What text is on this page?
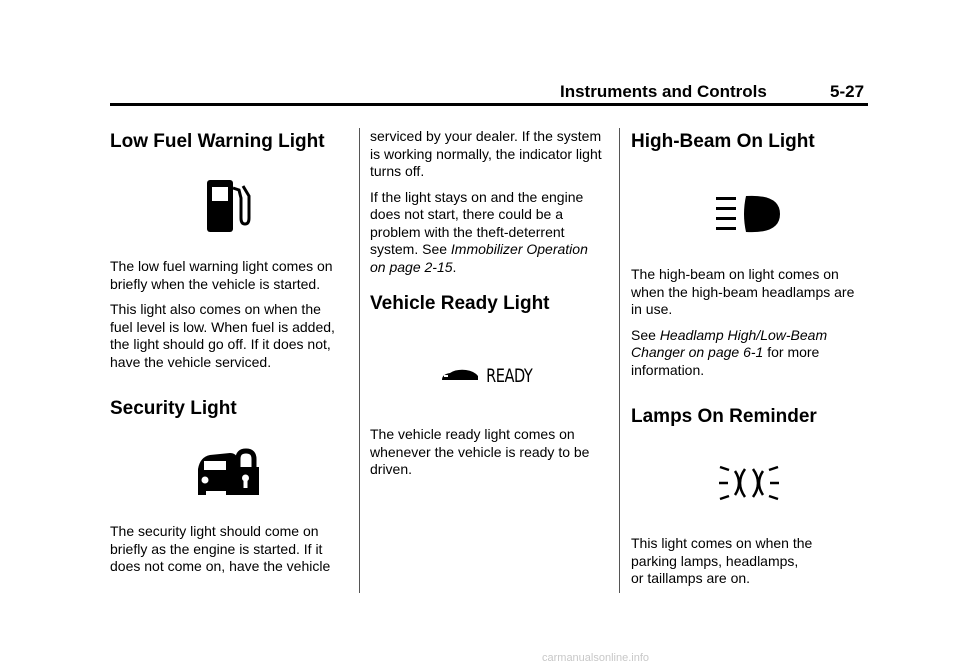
Instruments and Controls	5-27
Low Fuel Warning Light

The low fuel warning light comes on briefly when the vehicle is started.

This light also comes on when the fuel level is low. When fuel is added, the light should go off. If it does not, have the vehicle serviced.

Security Light

The security light should come on briefly as the engine is started. If it does not come on, have the vehicle

serviced by your dealer. If the system is working normally, the indicator light turns off.

If the light stays on and the engine does not start, there could be a problem with the theft-deterrent system. See Immobilizer Operation on page 2-15.

Vehicle Ready Light
READY

The vehicle ready light comes on whenever the vehicle is ready to be driven.

High-Beam On Light

The high-beam on light comes on when the high-beam headlamps are in use.

See Headlamp High/Low-Beam Changer on page 6-1 for more information.

Lamps On Reminder

This light comes on when the
parking lamps, headlamps,
or taillamps are on.

carmanualsonline.info
